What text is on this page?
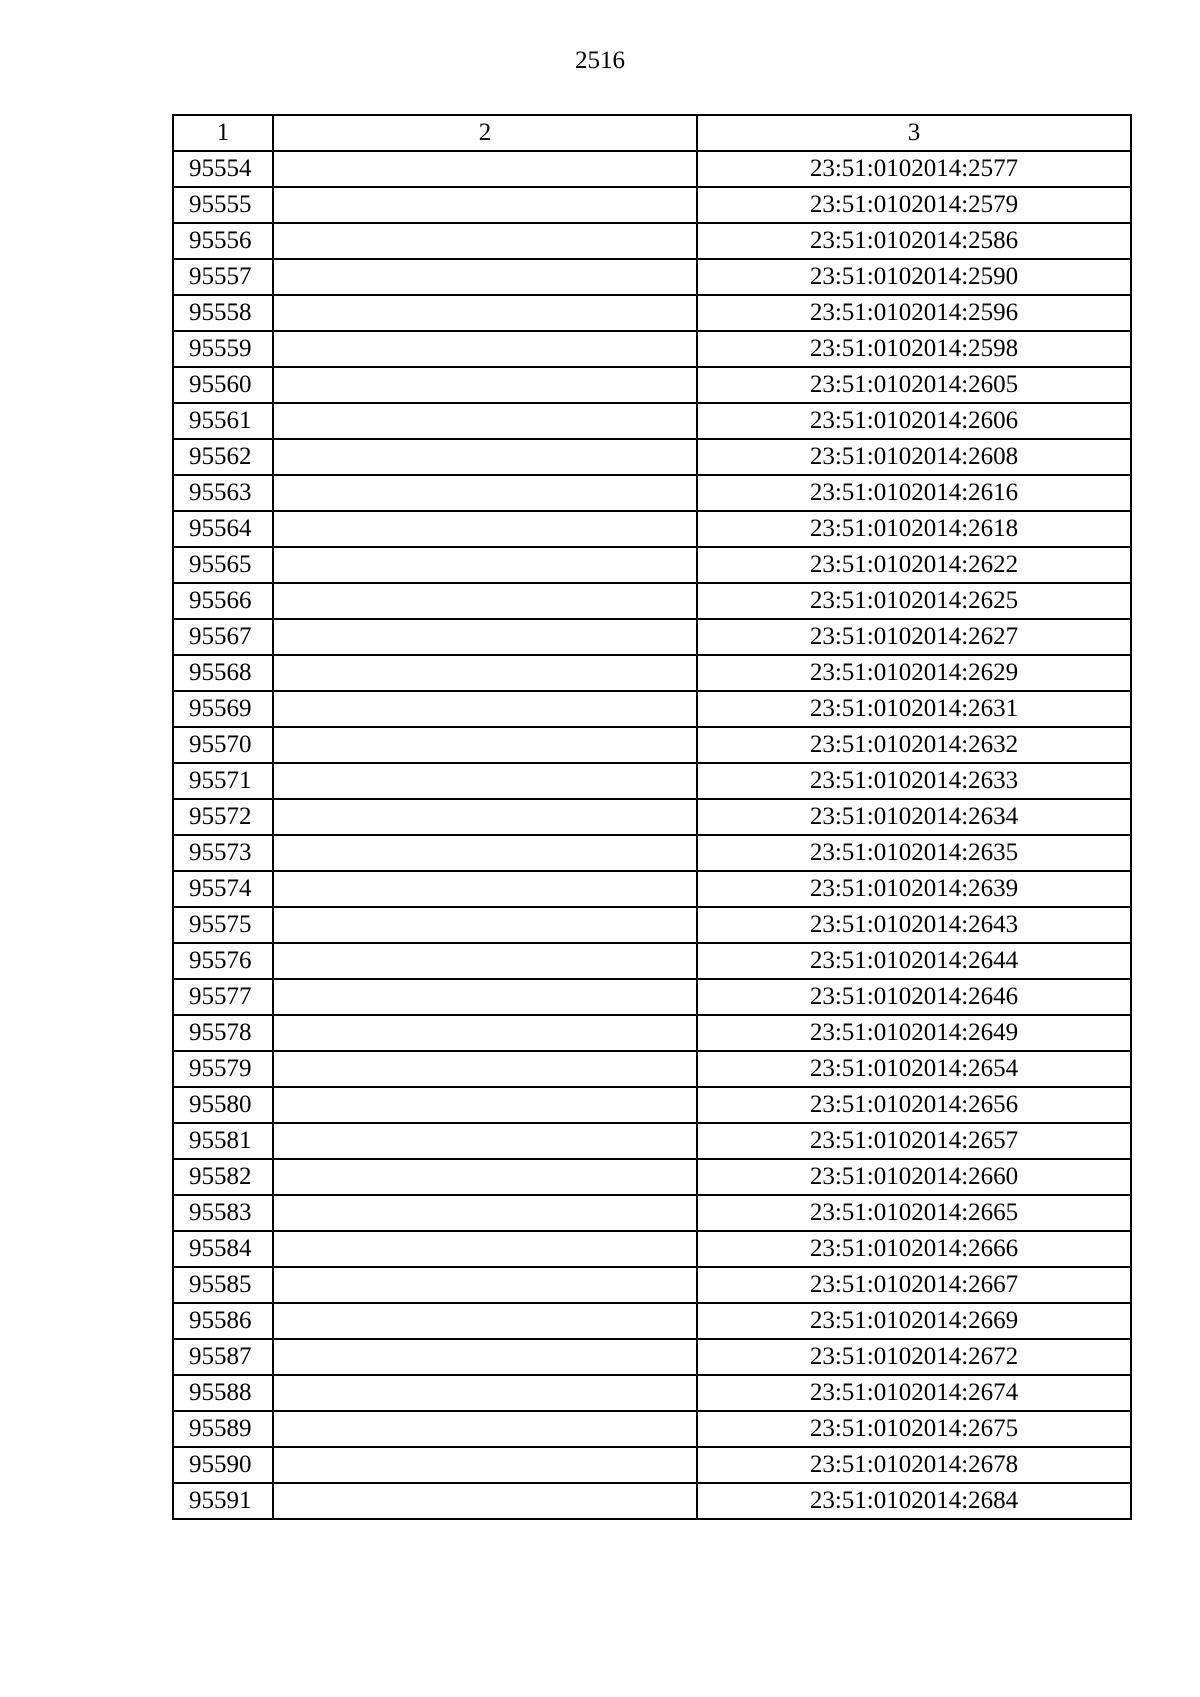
2516
1	2	3
95554		23:51:0102014:2577
95555		23:51:0102014:2579
95556		23:51:0102014:2586
95557		23:51:0102014:2590
95558		23:51:0102014:2596
95559		23:51:0102014:2598
95560		23:51:0102014:2605
95561		23:51:0102014:2606
95562		23:51:0102014:2608
95563		23:51:0102014:2616
95564		23:51:0102014:2618
95565		23:51:0102014:2622
95566		23:51:0102014:2625
95567		23:51:0102014:2627
95568		23:51:0102014:2629
95569		23:51:0102014:2631
95570		23:51:0102014:2632
95571		23:51:0102014:2633
95572		23:51:0102014:2634
95573		23:51:0102014:2635
95574		23:51:0102014:2639
95575		23:51:0102014:2643
95576		23:51:0102014:2644
95577		23:51:0102014:2646
95578		23:51:0102014:2649
95579		23:51:0102014:2654
95580		23:51:0102014:2656
95581		23:51:0102014:2657
95582		23:51:0102014:2660
95583		23:51:0102014:2665
95584		23:51:0102014:2666
95585		23:51:0102014:2667
95586		23:51:0102014:2669
95587		23:51:0102014:2672
95588		23:51:0102014:2674
95589		23:51:0102014:2675
95590		23:51:0102014:2678
95591		23:51:0102014:2684
